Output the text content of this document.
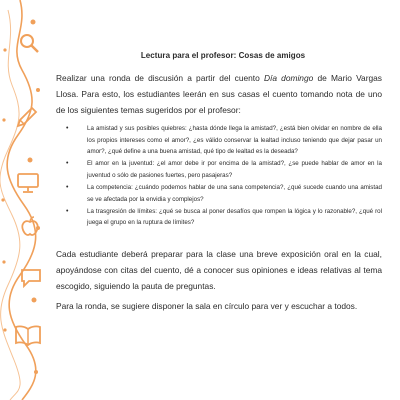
Lectura para el profesor: Cosas de amigos

Realizar una ronda de discusión a partir del cuento Día domingo de Mario Vargas Llosa. Para esto, los estudiantes leerán en sus casas el cuento tomando nota de uno de los siguientes temas sugeridos por el profesor:

•	La amistad y sus posibles quiebres: ¿hasta dónde llega la amistad?, ¿está bien olvidar en nombre de ella los propios intereses como el amor?, ¿es válido conservar la lealtad incluso teniendo que dejar pasar un amor?, ¿qué define a una buena amistad, qué tipo de lealtad es la deseada?
•	El amor en la juventud: ¿el amor debe ir por encima de la amistad?, ¿se puede hablar de amor en la juventud o sólo de pasiones fuertes, pero pasajeras?
•	La competencia: ¿cuándo podemos hablar de una sana competencia?, ¿qué sucede cuando una amistad se ve afectada por la envidia y complejos?
•	La trasgresión de límites: ¿qué se busca al poner desafíos que rompen la lógica y lo razonable?, ¿qué rol juega el grupo en la ruptura de límites?

Cada estudiante deberá preparar para la clase una breve exposición oral en la cual, apoyándose con citas del cuento, dé a conocer sus opiniones e ideas relativas al tema escogido, siguiendo la pauta de preguntas.

Para la ronda, se sugiere disponer la sala en círculo para ver y escuchar a todos.
